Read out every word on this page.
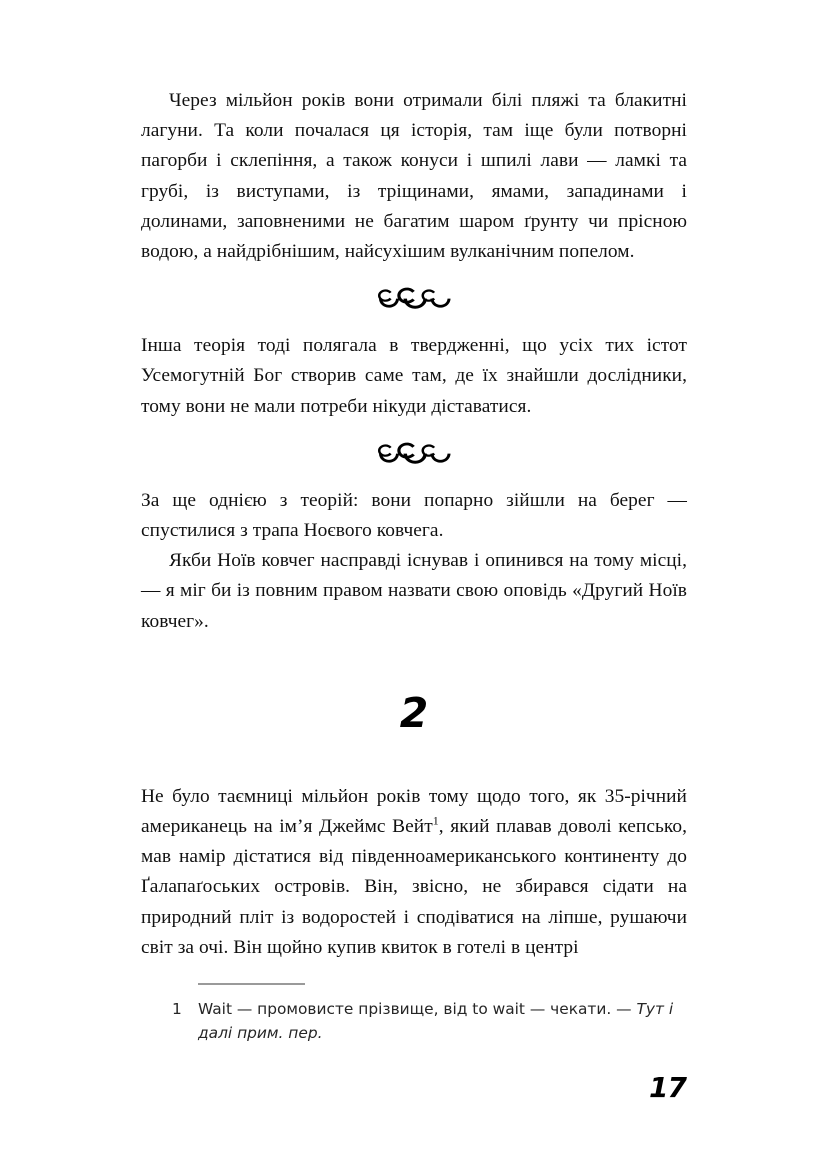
Через мільйон років вони отримали білі пляжі та блакитні лагуни. Та коли почалася ця історія, там іще були потворні пагорби і склепіння, а також конуси і шпилі лави — ламкі та грубі, із виступами, із тріщинами, ямами, западинами і долинами, заповненими не багатим шаром ґрунту чи прісною водою, а найдрібнішим, найсухішим вулканічним попелом.

Інша теорія тоді полягала в твердженні, що усіх тих істот Усемогутній Бог створив саме там, де їх знайшли дослідники, тому вони не мали потреби нікуди діставатися.

За ще однією з теорій: вони попарно зійшли на берег — спустилися з трапа Ноєвого ковчега.

Якби Ноїв ковчег насправді існував і опинився на тому місці, — я міг би із повним правом назвати свою оповідь «Другий Ноїв ковчег».

2

Не було таємниці мільйон років тому щодо того, як 35-річний американець на ім’я Джеймс Вейт$^1$, який плавав доволі кепсько, мав намір дістатися від південноамериканського континенту до Ґалапаґоських островів. Він, звісно, не збирався сідати на природний пліт із водоростей і сподіватися на ліпше, рушаючи світ за очі. Він щойно купив квиток в готелі в центрі

1	Wait — промовисте прізвище, від to wait — чекати. — Тут і далі прим. пер.
17
